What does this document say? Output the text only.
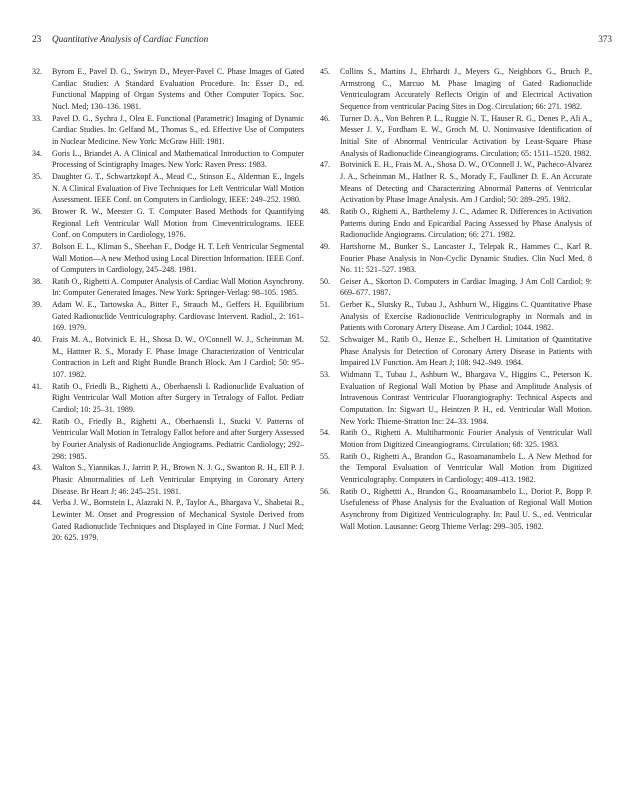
23 Quantitative Analysis of Cardiac Function	373
32. Byrom E., Pavel D. G., Swiryn D., Meyer-Pavel C. Phase Images of Gated Cardiac Studies: A Standard Evaluation Procedure. In: Esser D., ed. Functional Mapping of Organ Systems and Other Computer Topics. Soc. Nucl. Med; 130–136. 1981.
33. Pavel D. G., Sychra J., Olea E. Functional (Parametric) Imaging of Dynamic Cardiac Studies. In: Gelfand M., Thomas S., ed. Effective Use of Computers in Nuclear Medicine. New York: McGraw Hill: 1981.
34. Goris L., Briandet A. A Clinical and Mathematical Introduction to Computer Processing of Scintigraphy Images. New York: Raven Press: 1983.
35. Daughter G. T., Schwartzkopf A., Mead C., Stinson E., Alderman E., Ingels N. A Clinical Evaluation of Five Techniques for Left Ventricular Wall Motion Assessment. IEEE Conf. on Computers in Cardiology, IEEE: 249–252. 1980.
36. Brower R. W., Meester G. T. Computer Based Methods for Quantifying Regional Left Ventricular Wall Motion from Cineventriculograms. IEEE Conf. on Computers in Cardiology, 1976.
37. Bolson E. L., Kliman S., Sheehan F., Dodge H. T. Left Ventricular Segmental Wall Motion—A new Method using Local Direction Information. IEEE Conf. of Computers in Cardiology, 245–248. 1981.
38. Ratib O., Righetti A. Computer Analysis of Cardiac Wall Motion Asynchrony. In: Computer Generated Images. New York: Springer-Verlag: 98–105. 1985.
39. Adam W. E., Tartowska A., Bitter F., Strauch M., Geffers H. Equilibrium Gated Radionuclide Ventriculography. Cardiovasc Intervent. Radiol., 2: 161–169. 1979.
40. Frais M. A., Botvinick E. H., Shosa D. W., O'Connell W. J., Scheinman M. M., Hattner R. S., Morady F. Phase Image Characterization of Ventricular Contraction in Left and Right Bundle Branch Block. Am J Cardiol; 50: 95–107. 1982.
41. Ratib O., Friedli B., Righetti A., Oberhaensli I. Radionuclide Evaluation of Right Ventricular Wall Motion after Surgery in Tetralogy of Fallot. Pediatr Cardiol; 10: 25–31. 1989.
42. Ratib O., Friedly B., Righetti A., Oberhaensli I., Stucki V. Patterns of Ventricular Wall Motion in Tetralogy Fallot before and after Surgery Assessed by Fourier Analysis of Radionuclide Angiograms. Pediatric Cardiology; 292–298: 1985.
43. Walton S., Yiannikas J., Jarritt P. H., Brown N. J. G., Swanton R. H., Ell P. J. Phasic Abnormalities of Left Ventricular Emptying in Coronary Artery Disease. Br Heart J; 46: 245–251. 1981.
44. Verba J. W., Bornstein I., Alazraki N. P., Taylor A., Bhargava V., Shabetai R., Lewinter M. Onset and Progression of Mechanical Systole Derived from Gated Radionuclide Techniques and Displayed in Cine Format. J Nucl Med; 20: 625. 1979.
45. Collins S., Martins J., Ehrhardt J., Meyers G., Neighbors G., Bruch P., Armstrong C., Marcuo M. Phase Imaging of Gated Radionuclide Ventriculogram Accurately Reflects Origin of and Electrical Activation Sequence from ventricular Pacing Sites in Dog. Circulation; 66: 271. 1982.
46. Turner D. A., Von Behren P. L., Ruggie N. T., Hauser R. G., Denes P., Ali A., Messer J. V., Fordham E. W., Groch M. U. Noninvasive Identification of Initial Site of Abnormal Ventricular Activation by Least-Square Phase Analysis of Radionuclide Cineangiograms. Circulation; 65: 1511–1520. 1982.
47. Botvinick E. H., Frais M. A., Shosa D. W., O'Connell J. W., Pacheco-Alvarez J. A., Scheinman M., Hatlner R. S., Morady F., Faulkner D. E. An Accurate Means of Detecting and Characterizing Abnormal Patterns of Ventricular Activation by Phase Image Analysis. Am J Cardiol; 50: 289–295. 1982.
48. Ratib O., Righetti A., Barthelemy J. C., Adamec R. Differences in Activation Patterns during Endo and Epicardial Pacing Assessed by Phase Analysis of Radionuclide Angiograms. Circulation; 66: 271. 1982.
49. Hartshorne M., Bunker S., Lancaster J., Telepak R., Hammes C., Karl R. Fourier Phase Analysis in Non-Cyclic Dynamic Studies. Clin Nucl Med. 8 No. 11: 521–527. 1983.
50. Geiser A., Skorton D. Computers in Cardiac Imaging. J Am Coll Cardiol; 9: 669–677. 1987.
51. Gerber K., Slutsky R., Tubau J., Ashburn W., Higgins C. Quantitative Phase Analysis of Exercise Radionuclide Ventriculography in Normals and in Patients with Coronary Artery Disease. Am J Cardiol; 1044. 1982.
52. Schwaiger M., Ratib O., Henze E., Schelbert H. Limitation of Quantitative Phase Analysis for Detection of Coronary Artery Disease in Patients with Impaired LV Function. Am Heart J; 108: 942–949. 1984.
53. Widmann T., Tubau J., Ashburn W., Bhargava V., Higgins C., Peterson K. Evaluation of Regional Wall Motion by Phase and Amplitude Analysis of Intravenous Contrast Ventricular Fluorangiography: Technical Aspects and Computation. In: Sigwart U., Heintzen P. H., ed. Ventricular Wall Motion. New York: Thieme-Stratton Inc: 24–33. 1984.
54. Ratib O., Righetti A. Multiharmonic Fourier Analysis of Ventricular Wall Motion from Digitized Cineangiograms. Circulation; 68: 325. 1983.
55. Ratib O., Righetti A., Brandon G., Rasoamanambelo L. A New Method for the Temporal Evaluation of Ventricular Wall Motion from Digitized Ventriculography. Computers in Cardiology; 409–413. 1982.
56. Ratib O., Righettti A., Brandon G., Rooamanambelo L., Doriot P., Bopp P. Usefuleness of Phase Analysis for the Evaluation of Regional Wall Motion Asynchrony from Digitized Ventriculography. In: Paul U. S., ed. Ventricular Wall Motion. Lausanne: Georg Thieme Verlag: 299–305. 1982.
